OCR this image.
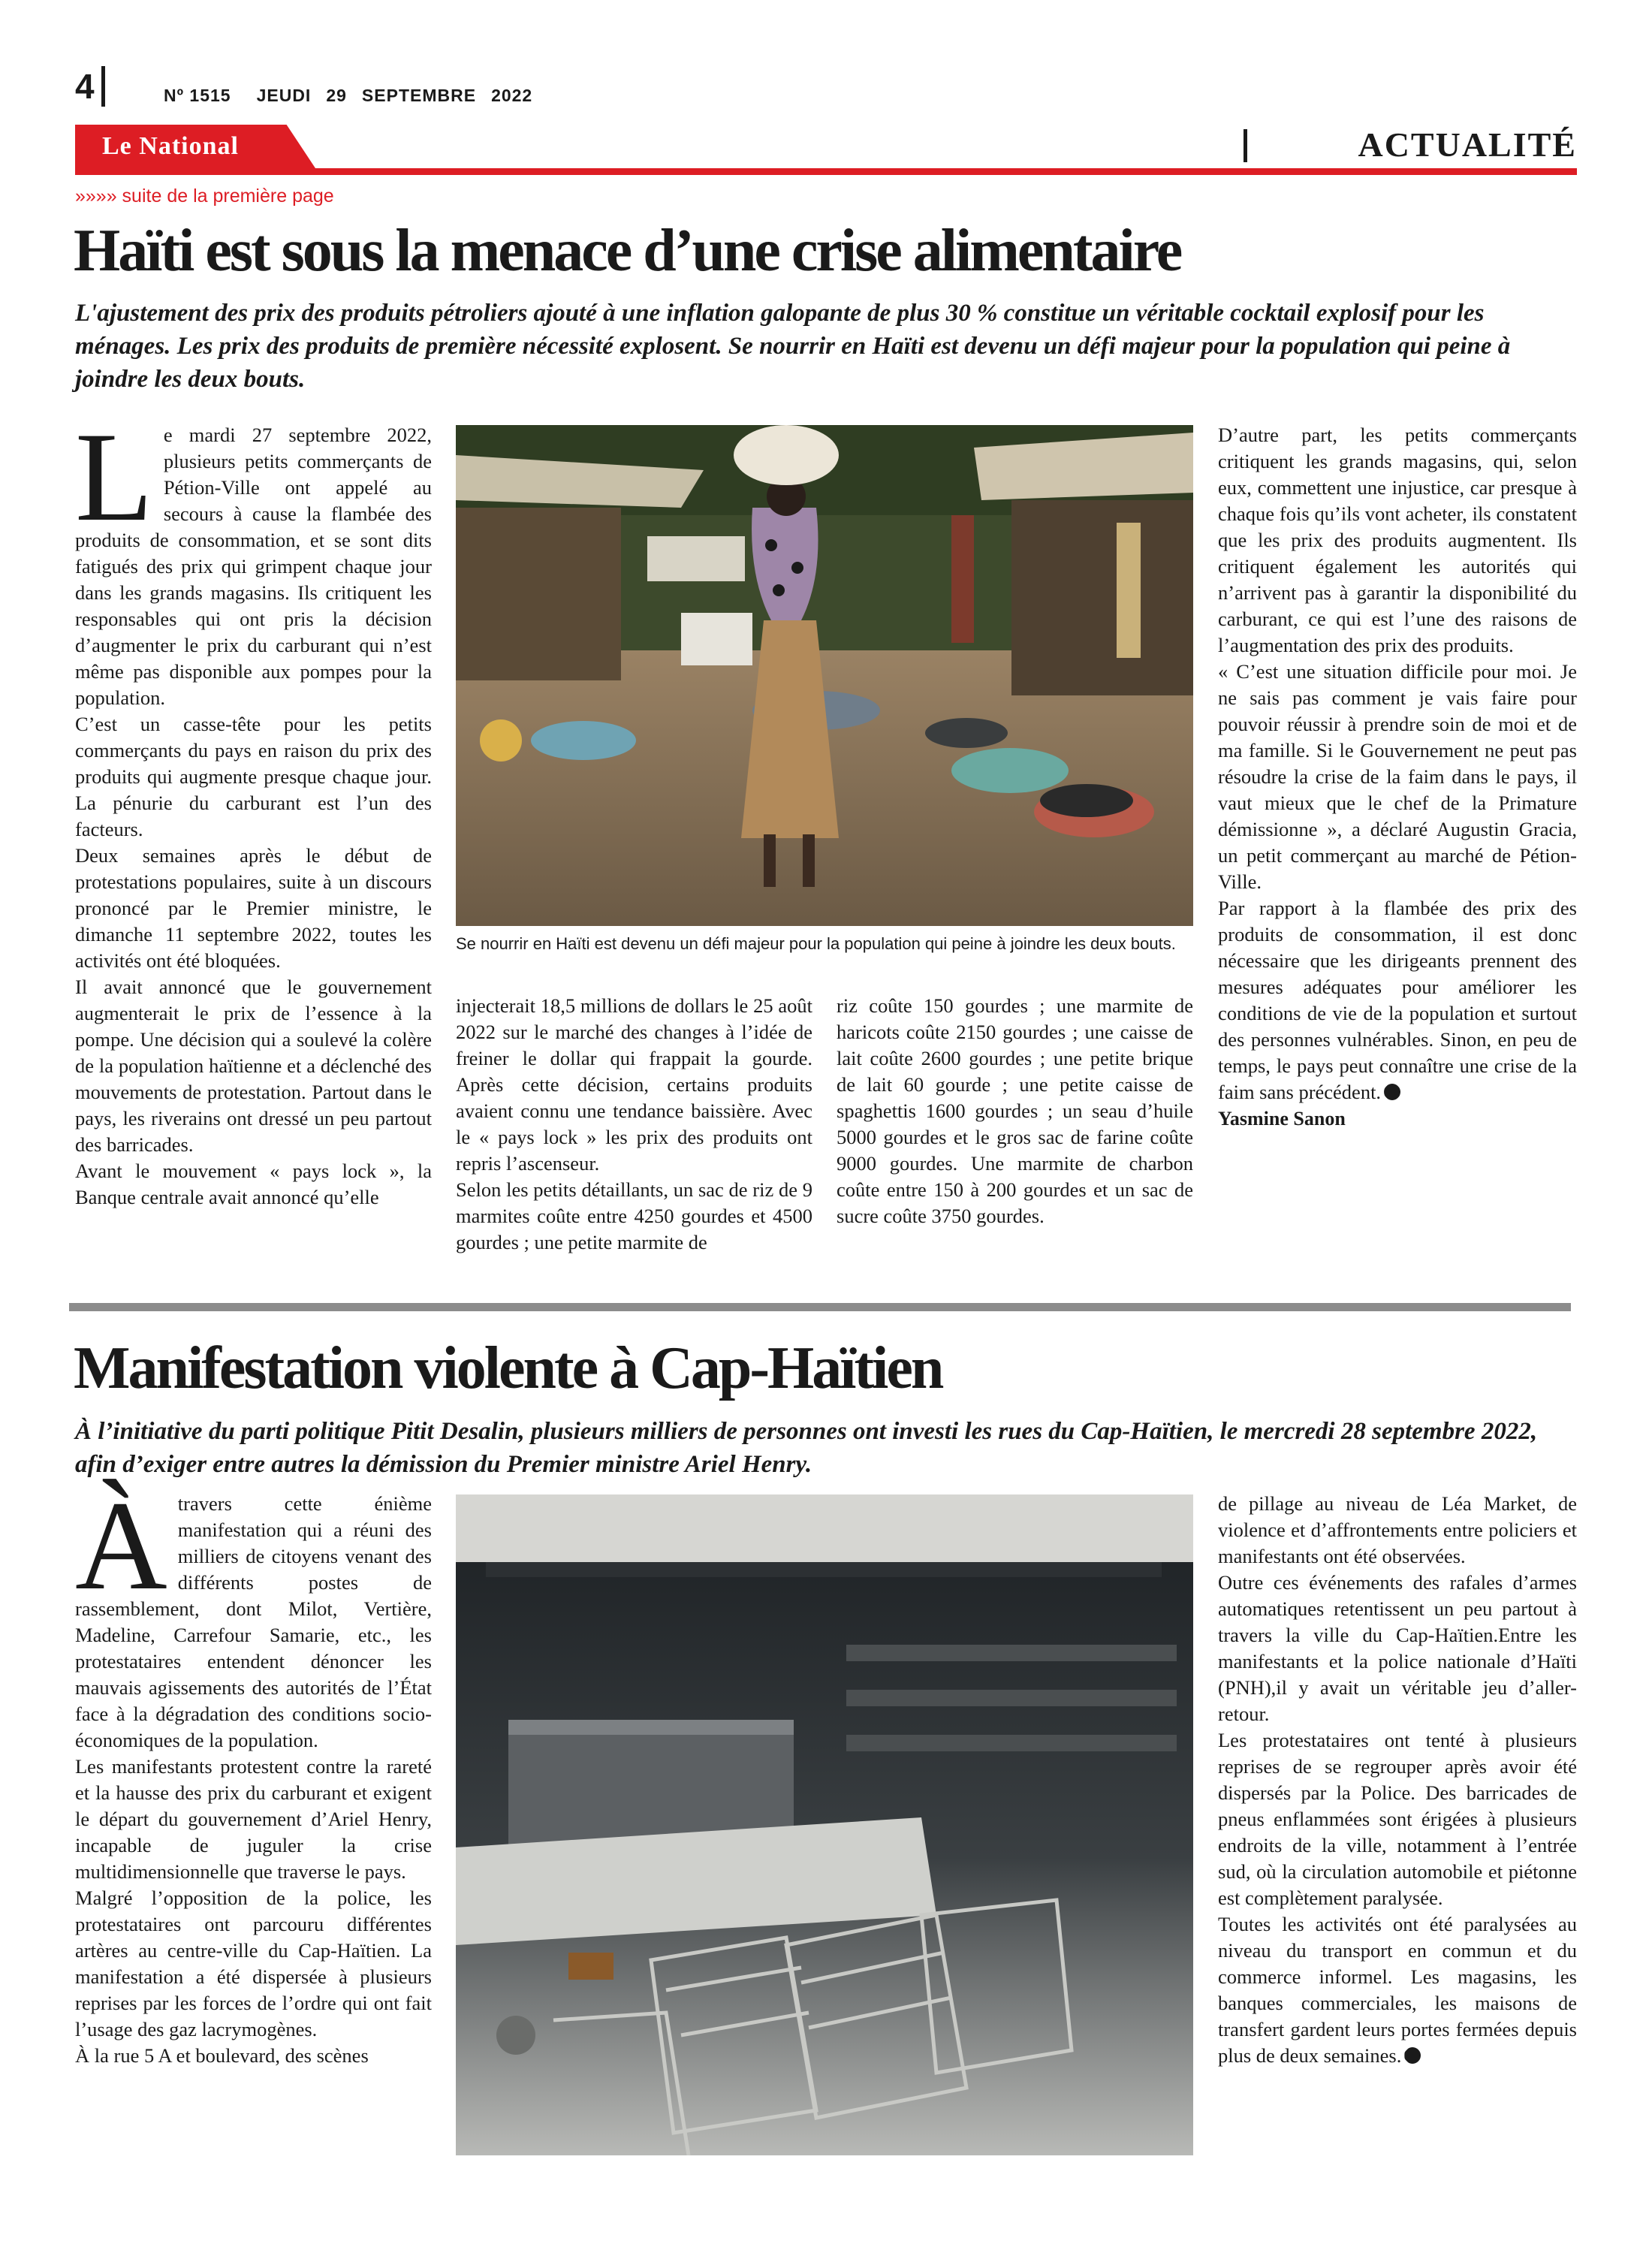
4	Nº 1515 JEUDI 29 SEPTEMBRE 2022
Le National	ACTUALITÉ
»»»» suite de la première page
Haïti est sous la menace d’une crise alimentaire
L'ajustement des prix des produits pétroliers ajouté à une inflation galopante de plus 30 % constitue un véritable cocktail explosif pour les ménages. Les prix des produits de première nécessité explosent. Se nourrir en Haïti est devenu un défi majeur pour la population qui peine à joindre les deux bouts.
L e mardi 27 septembre 2022, plusieurs petits commerçants de Pétion-Ville ont appelé au secours à cause la flambée des produits de consommation, et se sont dits fatigués des prix qui grimpent chaque jour dans les grands magasins. Ils critiquent les responsables qui ont pris la décision d’augmenter le prix du carburant qui n’est même pas disponible aux pompes pour la population.

C’est un casse-tête pour les petits commerçants du pays en raison du prix des produits qui augmente presque chaque jour. La pénurie du carburant est l’un des facteurs.

Deux semaines après le début de protestations populaires, suite à un discours prononcé par le Premier ministre, le dimanche 11 septembre 2022, toutes les activités ont été bloquées.

Il avait annoncé que le gouvernement augmenterait le prix de l’essence à la pompe. Une décision qui a soulevé la colère de la population haïtienne et a déclenché des mouvements de protestation. Partout dans le pays, les riverains ont dressé un peu partout des barricades.

Avant le mouvement « pays lock », la Banque centrale avait annoncé qu’elle

Se nourrir en Haïti est devenu un défi majeur pour la population qui peine à joindre les deux bouts.

injecterait 18,5 millions de dollars le 25 août 2022 sur le marché des changes à l’idée de freiner le dollar qui frappait la gourde. Après cette décision, certains produits avaient connu une tendance baissière. Avec le « pays lock » les prix des produits ont repris l’ascenseur.

Selon les petits détaillants, un sac de riz de 9 marmites coûte entre 4250 gourdes et 4500 gourdes ; une petite marmite de

riz coûte 150 gourdes ; une marmite de haricots coûte 2150 gourdes ; une caisse de lait coûte 2600 gourdes ; une petite brique de lait 60 gourde ; une petite caisse de spaghettis 1600 gourdes ; un seau d’huile 5000 gourdes et le gros sac de farine coûte 9000 gourdes. Une marmite de charbon coûte entre 150 à 200 gourdes et un sac de sucre coûte 3750 gourdes.

D’autre part, les petits commerçants critiquent les grands magasins, qui, selon eux, commettent une injustice, car presque à chaque fois qu’ils vont acheter, ils constatent que les prix des produits augmentent. Ils critiquent également les autorités qui n’arrivent pas à garantir la disponibilité du carburant, ce qui est l’une des raisons de l’augmentation des prix des produits.

« C’est une situation difficile pour moi. Je ne sais pas comment je vais faire pour pouvoir réussir à prendre soin de moi et de ma famille. Si le Gouvernement ne peut pas résoudre la crise de la faim dans le pays, il vaut mieux que le chef de la Primature démissionne », a déclaré Augustin Gracia, un petit commerçant au marché de Pétion-Ville.

Par rapport à la flambée des prix des produits de consommation, il est donc nécessaire que les dirigeants prennent des mesures adéquates pour améliorer les conditions de vie de la population et surtout des personnes vulnérables. Sinon, en peu de temps, le pays peut connaître une crise de la faim sans précédent.

Yasmine Sanon

Manifestation violente à Cap-Haïtien
À l’initiative du parti politique Pitit Desalin, plusieurs milliers de personnes ont investi les rues du Cap-Haïtien, le mercredi 28 septembre 2022, afin d’exiger entre autres la démission du Premier ministre Ariel Henry.
À travers cette énième manifestation qui a réuni des milliers de citoyens venant des différents postes de rassemblement, dont Milot, Vertière, Madeline, Carrefour Samarie, etc., les protestataires entendent dénoncer les mauvais agissements des autorités de l’État face à la dégradation des conditions socio-économiques de la population.

Les manifestants protestent contre la rareté et la hausse des prix du carburant et exigent le départ du gouvernement d’Ariel Henry, incapable de juguler la crise multidimensionnelle que traverse le pays.

Malgré l’opposition de la police, les protestataires ont parcouru différentes artères au centre-ville du Cap-Haïtien. La manifestation a été dispersée à plusieurs reprises par les forces de l’ordre qui ont fait l’usage des gaz lacrymogènes.

À la rue 5 A et boulevard, des scènes

de pillage au niveau de Léa Market, de violence et d’affrontements entre policiers et manifestants ont été observées.

Outre ces événements des rafales d’armes automatiques retentissent un peu partout à travers la ville du Cap-Haïtien.Entre les manifestants et la police nationale d’Haïti (PNH),il y avait un véritable jeu d’aller-retour.

Les protestataires ont tenté à plusieurs reprises de se regrouper après avoir été dispersés par la Police. Des barricades de pneus enflammées sont érigées à plusieurs endroits de la ville, notamment à l’entrée sud, où la circulation automobile et piétonne est complètement paralysée.

Toutes les activités ont été paralysées au niveau du transport en commun et du commerce informel. Les magasins, les banques commerciales, les maisons de transfert gardent leurs portes fermées depuis plus de deux semaines.
